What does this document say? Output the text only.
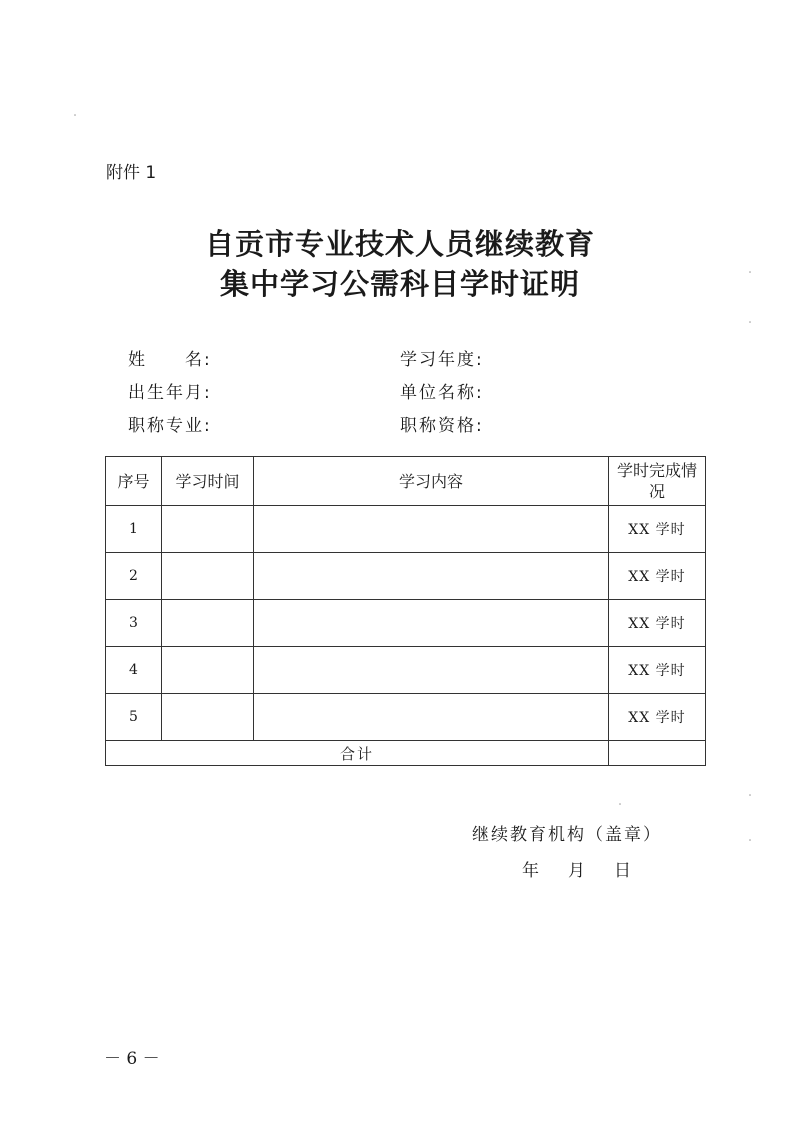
附件 1
自贡市专业技术人员继续教育
集中学习公需科目学时证明
姓　　名:	学习年度:
出生年月:	单位名称:
职称专业:	职称资格:
序号	学习时间	学习内容	学时完成情况
1			XX 学时
2			XX 学时
3			XX 学时
4			XX 学时
5			XX 学时
合计			
继续教育机构（盖章）
年　月　日
－ 6 －
